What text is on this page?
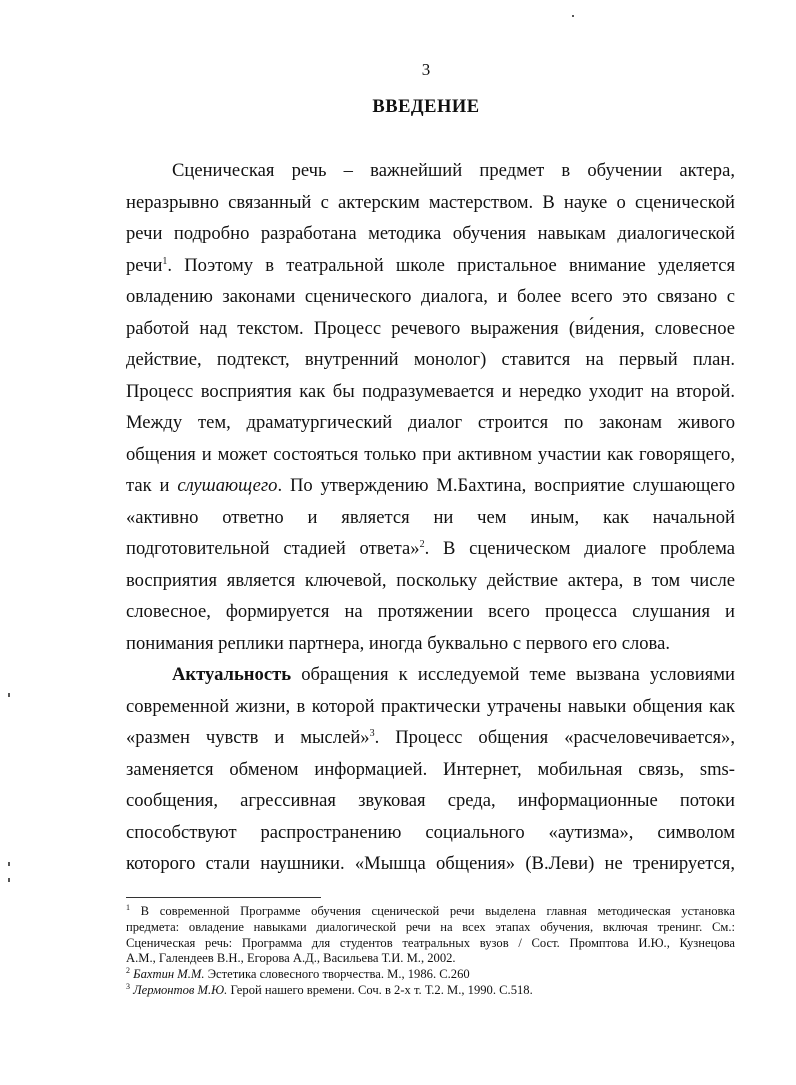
3
ВВЕДЕНИЕ
Сценическая речь – важнейший предмет в обучении актера,
неразрывно связанный с актерским мастерством. В науке о сценической
речи подробно разработана методика обучения навыкам диалогической
речи$^1$. Поэтому в театральной школе пристальное внимание уделяется
овладению законами сценического диалога, и более всего это связано с
работой над текстом. Процесс речевого выражения (ви́дения, словесное
действие, подтекст, внутренний монолог) ставится на первый план.
Процесс восприятия как бы подразумевается и нередко уходит на второй.
Между тем, драматургический диалог строится по законам живого
общения и может состояться только при активном участии как говорящего,
так и слушающего. По утверждению М.Бахтина, восприятие слушающего
«активно ответно и является ни чем иным, как начальной
подготовительной стадией ответа»$^2$. В сценическом диалоге проблема
восприятия является ключевой, поскольку действие актера, в том числе
словесное, формируется на протяжении всего процесса слушания и
понимания реплики партнера, иногда буквально с первого его слова.
Актуальность обращения к исследуемой теме вызвана условиями
современной жизни, в которой практически утрачены навыки общения как
«размен чувств и мыслей»$^3$. Процесс общения «расчеловечивается»,
заменяется обменом информацией. Интернет, мобильная связь, sms-
сообщения, агрессивная звуковая среда, информационные потоки
способствуют распространению социального «аутизма», символом
которого стали наушники. «Мышца общения» (В.Леви) не тренируется,
$^1$ В современной Программе обучения сценической речи выделена главная методическая установка
предмета: овладение навыками диалогической речи на всех этапах обучения, включая тренинг. См.:
Сценическая речь: Программа для студентов театральных вузов / Сост. Промптова И.Ю., Кузнецова
А.М., Галендеев В.Н., Егорова А.Д., Васильева Т.И. М., 2002.
$^2$ Бахтин М.М. Эстетика словесного творчества. М., 1986. С.260
$^3$ Лермонтов М.Ю. Герой нашего времени. Соч. в 2-х т. Т.2. М., 1990. С.518.
